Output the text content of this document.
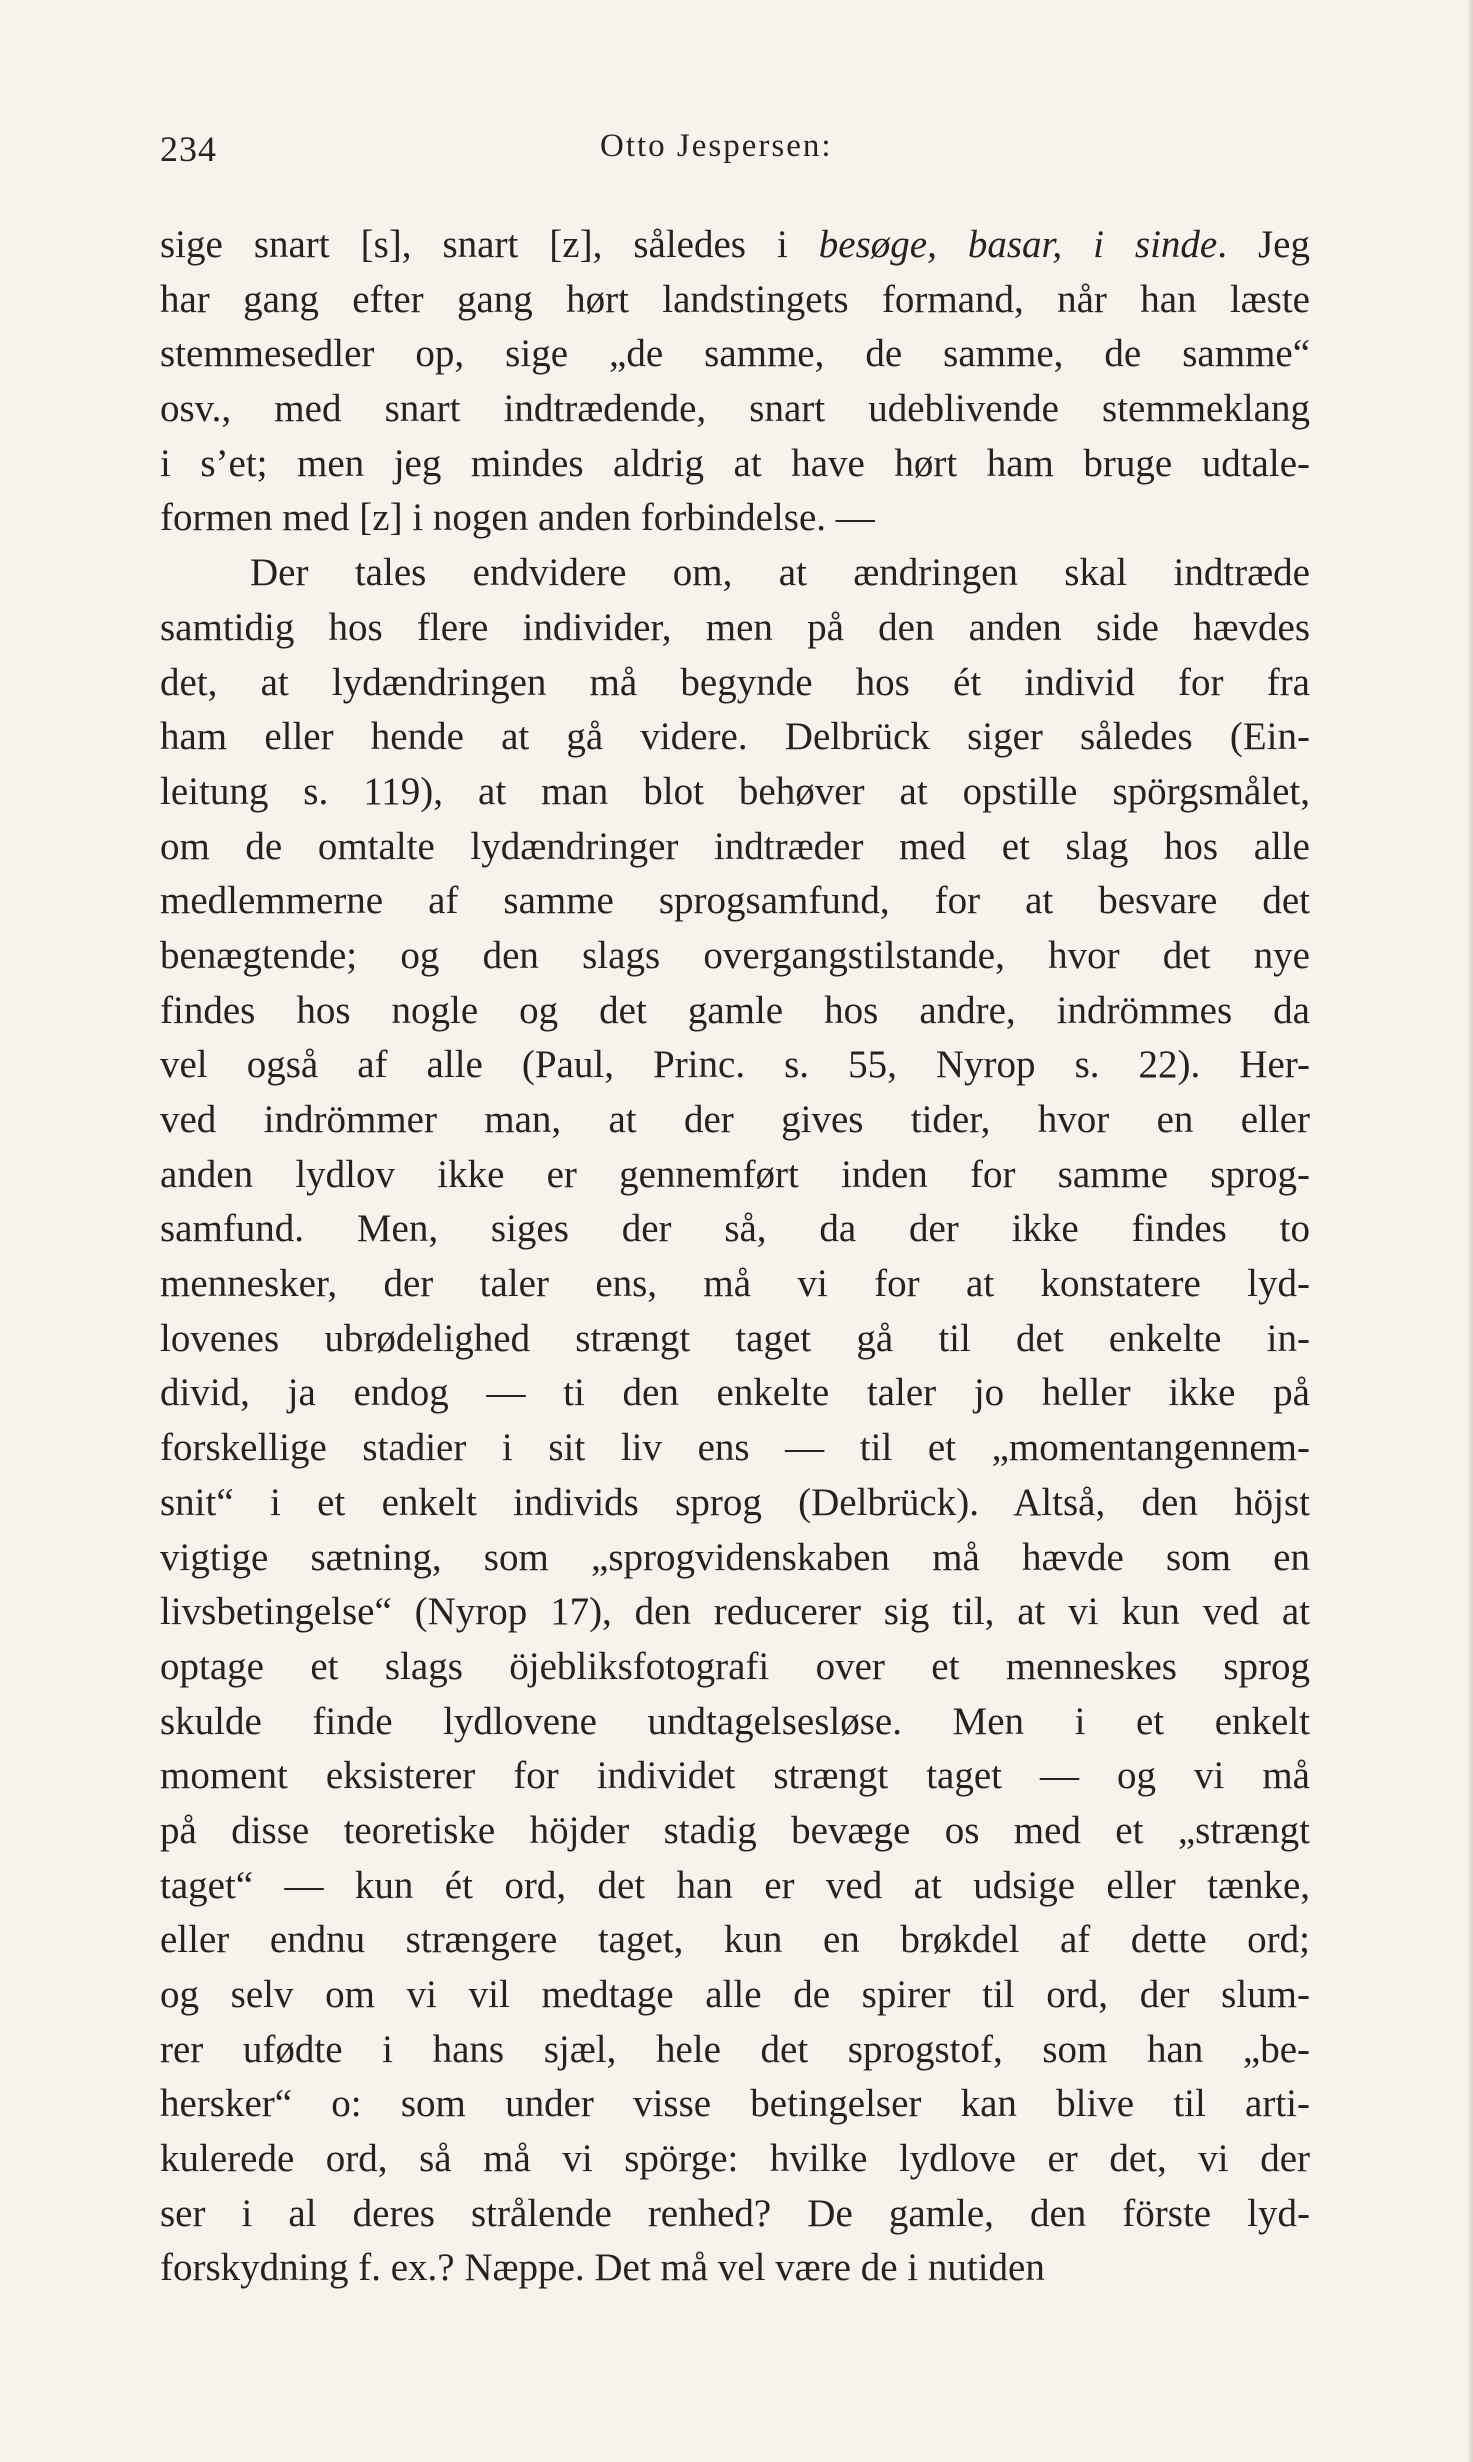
234	Otto Jespersen:
sige snart [s], snart [z], således i besøge, basar, i sinde. Jeg
har gang efter gang hørt landstingets formand, når han læste
stemmesedler op, sige „de samme, de samme, de samme“
osv., med snart indtrædende, snart udeblivende stemmeklang
i s’et; men jeg mindes aldrig at have hørt ham bruge udtale-
formen med [z] i nogen anden forbindelse. —
Der tales endvidere om, at ændringen skal indtræde
samtidig hos flere individer, men på den anden side hævdes
det, at lydændringen må begynde hos ét individ for fra
ham eller hende at gå videre. Delbrück siger således (Ein-
leitung s. 119), at man blot behøver at opstille spörgsmålet,
om de omtalte lydændringer indtræder med et slag hos alle
medlemmerne af samme sprogsamfund, for at besvare det
benægtende; og den slags overgangstilstande, hvor det nye
findes hos nogle og det gamle hos andre, indrömmes da
vel også af alle (Paul, Princ. s. 55, Nyrop s. 22). Her-
ved indrömmer man, at der gives tider, hvor en eller
anden lydlov ikke er gennemført inden for samme sprog-
samfund. Men, siges der så, da der ikke findes to
mennesker, der taler ens, må vi for at konstatere lyd-
lovenes ubrødelighed strængt taget gå til det enkelte in-
divid, ja endog — ti den enkelte taler jo heller ikke på
forskellige stadier i sit liv ens — til et „momentangennem-
snit“ i et enkelt individs sprog (Delbrück). Altså, den höjst
vigtige sætning, som „sprogvidenskaben må hævde som en
livsbetingelse“ (Nyrop 17), den reducerer sig til, at vi kun ved at
optage et slags öjebliksfotografi over et menneskes sprog
skulde finde lydlovene undtagelsesløse. Men i et enkelt
moment eksisterer for individet strængt taget — og vi må
på disse teoretiske höjder stadig bevæge os med et „strængt
taget“ — kun ét ord, det han er ved at udsige eller tænke,
eller endnu strængere taget, kun en brøkdel af dette ord;
og selv om vi vil medtage alle de spirer til ord, der slum-
rer ufødte i hans sjæl, hele det sprogstof, som han „be-
hersker“ o: som under visse betingelser kan blive til arti-
kulerede ord, så må vi spörge: hvilke lydlove er det, vi der
ser i al deres strålende renhed? De gamle, den förste lyd-
forskydning f. ex.? Næppe. Det må vel være de i nutiden
